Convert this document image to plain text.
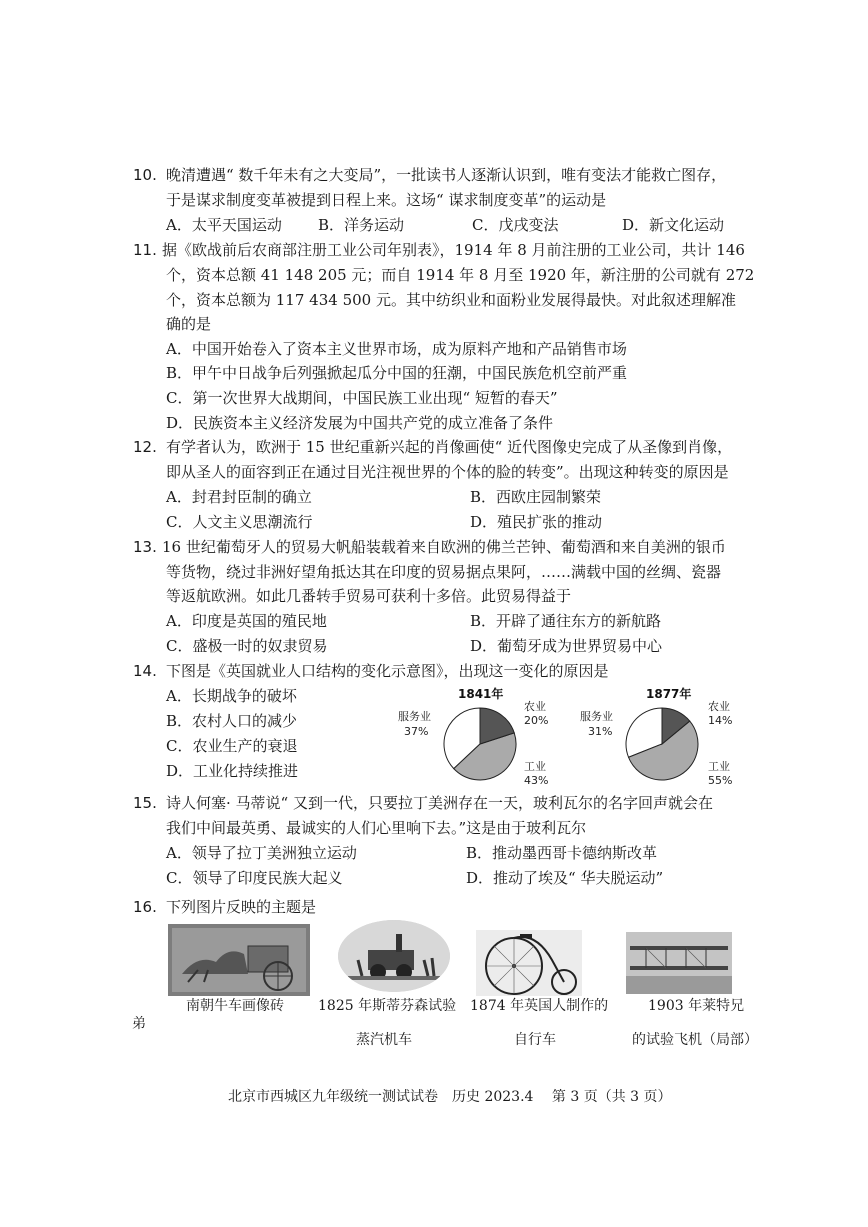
10. 晚清遭遇“ 数千年未有之大变局”，一批读书人逐渐认识到，唯有变法才能救亡图存，
于是谋求制度变革被提到日程上来。这场“ 谋求制度变革”的运动是
A．太平天国运动 B．洋务运动	C．戊戌变法	D．新文化运动
11. 据《欧战前后农商部注册工业公司年别表》，1914 年 8 月前注册的工业公司，共计 146
个，资本总额 41 148 205 元；而自 1914 年 8 月至 1920 年，新注册的公司就有 272
个，资本总额为 117 434 500 元。其中纺织业和面粉业发展得最快。对此叙述理解准
确的是
A．中国开始卷入了资本主义世界市场，成为原料产地和产品销售市场
B．甲午中日战争后列强掀起瓜分中国的狂潮，中国民族危机空前严重
C．第一次世界大战期间，中国民族工业出现“ 短暂的春天”
D．民族资本主义经济发展为中国共产党的成立准备了条件
12. 有学者认为，欧洲于 15 世纪重新兴起的肖像画使“ 近代图像史完成了从圣像到肖像，
即从圣人的面容到正在通过目光注视世界的个体的脸的转变”。出现这种转变的原因是
A．封君封臣制的确立	B．西欧庄园制繁荣
C．人文主义思潮流行	D．殖民扩张的推动
13. 16 世纪葡萄牙人的贸易大帆船装载着来自欧洲的佛兰芒钟、葡萄酒和来自美洲的银币
等货物，绕过非洲好望角抵达其在印度的贸易据点果阿，……满载中国的丝绸、瓷器
等返航欧洲。如此几番转手贸易可获利十多倍。此贸易得益于
A．印度是英国的殖民地	B．开辟了通往东方的新航路
C．盛极一时的奴隶贸易	D．葡萄牙成为世界贸易中心
14. 下图是《英国就业人口结构的变化示意图》，出现这一变化的原因是
A．长期战争的破坏
B．农村人口的减少
C．农业生产的衰退
D．工业化持续推进
1841年
服务业
37%
农业
20%
工业
43%
1877年
服务业
31%
农业
14%
工业
55%
15. 诗人何塞· 马蒂说“ 又到一代，只要拉丁美洲存在一天，玻利瓦尔的名字回声就会在
我们中间最英勇、最诚实的人们心里响下去。”这是由于玻利瓦尔
A．领导了拉丁美洲独立运动	B．推动墨西哥卡德纳斯改革
C．领导了印度民族大起义	D．推动了埃及“ 华夫脱运动”
16. 下列图片反映的主题是
南朝牛车画像砖 1825 年斯蒂芬森试验 1874 年英国人制作的	1903 年莱特兄
弟
蒸汽机车	自行车	的试验飞机（局部）
北京市西城区九年级统一测试试卷　历史 2023.4　 第 3 页（共 3 页）
